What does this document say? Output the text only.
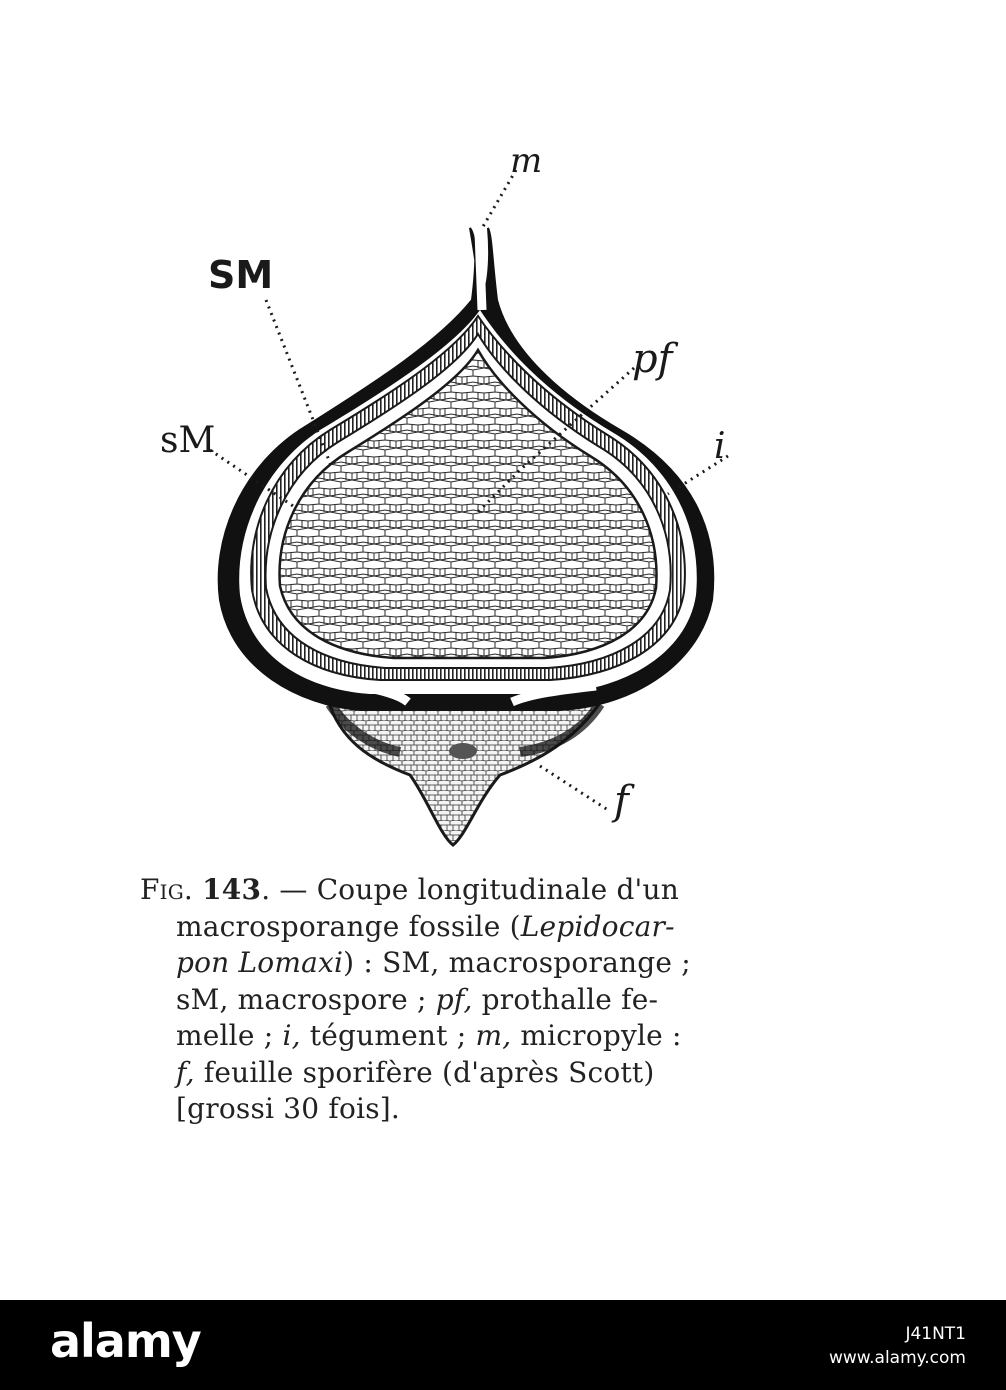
m
SM
pf
sM	i
f
Fig. 143. — Coupe longitudinale d'un
macrosporange fossile (Lepidocar-
pon Lomaxi) : SM, macrosporange ;
sM, macrospore ; pf, prothalle fe-
melle ; i, tégument ; m, micropyle :
f, feuille sporifère (d'après Scott)
[grossi 30 fois].
alamy	J41NT1
www.alamy.com
